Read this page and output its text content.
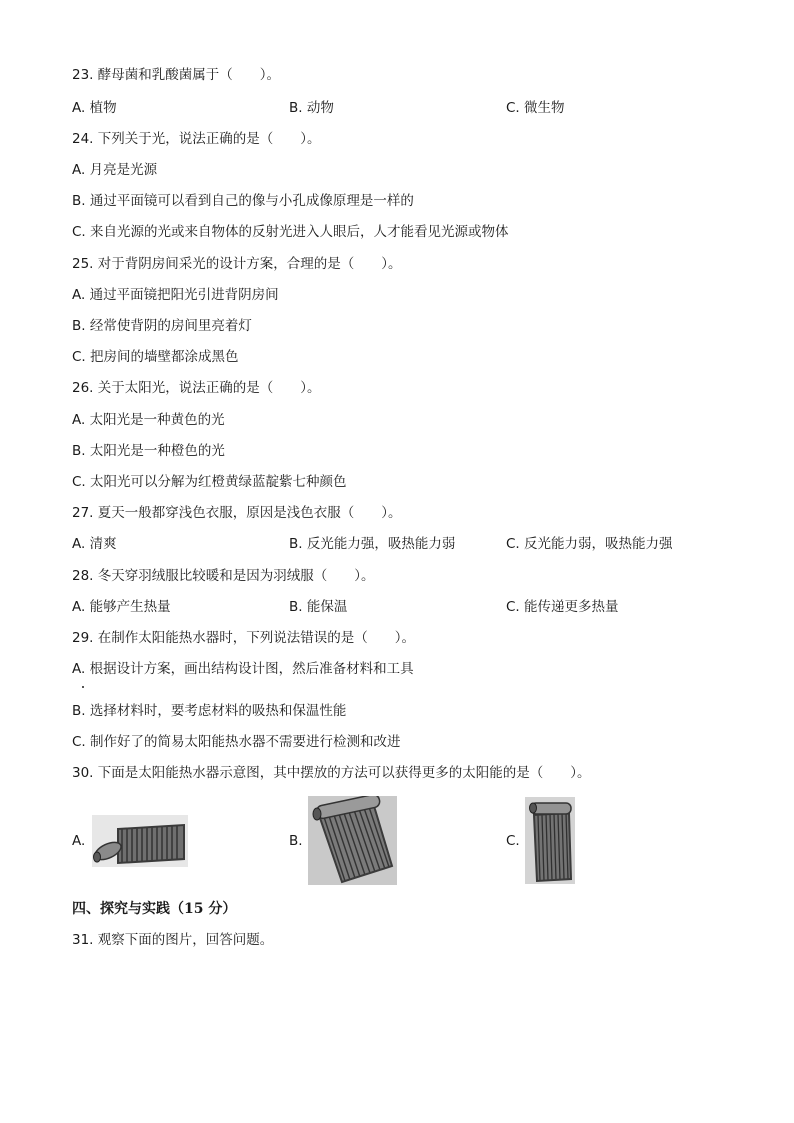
23. 酵母菌和乳酸菌属于（　　）。
A. 植物	B. 动物	C. 微生物
24. 下列关于光，说法正确的是（　　）。
A. 月亮是光源
B. 通过平面镜可以看到自己的像与小孔成像原理是一样的
C. 来自光源的光或来自物体的反射光进入人眼后，人才能看见光源或物体
25. 对于背阴房间采光的设计方案，合理的是（　　）。
A. 通过平面镜把阳光引进背阴房间
B. 经常使背阴的房间里亮着灯
C. 把房间的墙壁都涂成黑色
26. 关于太阳光，说法正确的是（　　）。
A. 太阳光是一种黄色的光
B. 太阳光是一种橙色的光
C. 太阳光可以分解为红橙黄绿蓝靛紫七种颜色
27. 夏天一般都穿浅色衣服，原因是浅色衣服（　　）。
A. 清爽	B. 反光能力强，吸热能力弱	C. 反光能力弱，吸热能力强
28. 冬天穿羽绒服比较暖和是因为羽绒服（　　）。
A. 能够产生热量	B. 能保温	C. 能传递更多热量
29. 在制作太阳能热水器时，下列说法错误的是（　　）。
A. 根据设计方案，画出结构设计图，然后准备材料和工具
B. 选择材料时，要考虑材料的吸热和保温性能
C. 制作好了的简易太阳能热水器不需要进行检测和改进
30. 下面是太阳能热水器示意图，其中摆放的方法可以获得更多的太阳能的是（　　）。
A.	B.	C.
四、探究与实践（15 分）
31. 观察下面的图片，回答问题。
